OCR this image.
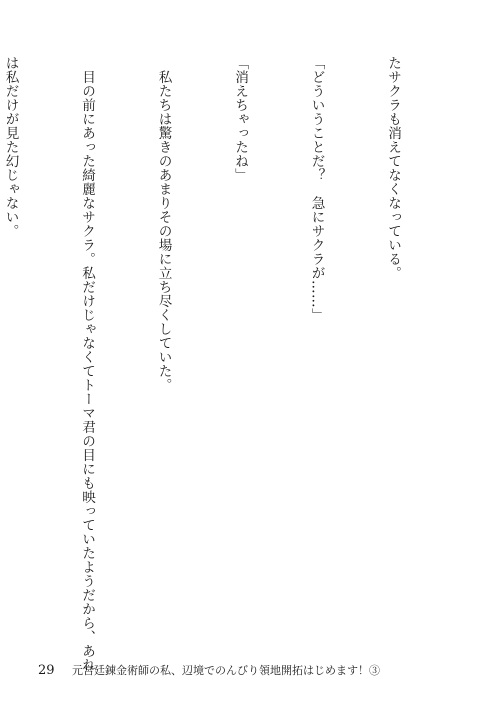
たサクラも消えてなくなっている。

「どういうことだ？　急にサクラが……」

「消えちゃったね」

　私たちは驚きのあまりその場に立ち尽くしていた。

　目の前にあった綺麗なサクラ。私だけじゃなくてトーマ君の目にも映っていたようだから、あれ

は私だけが見た幻じゃない。

29 元宮廷錬金術師の私、辺境でのんびり領地開拓はじめます！③
